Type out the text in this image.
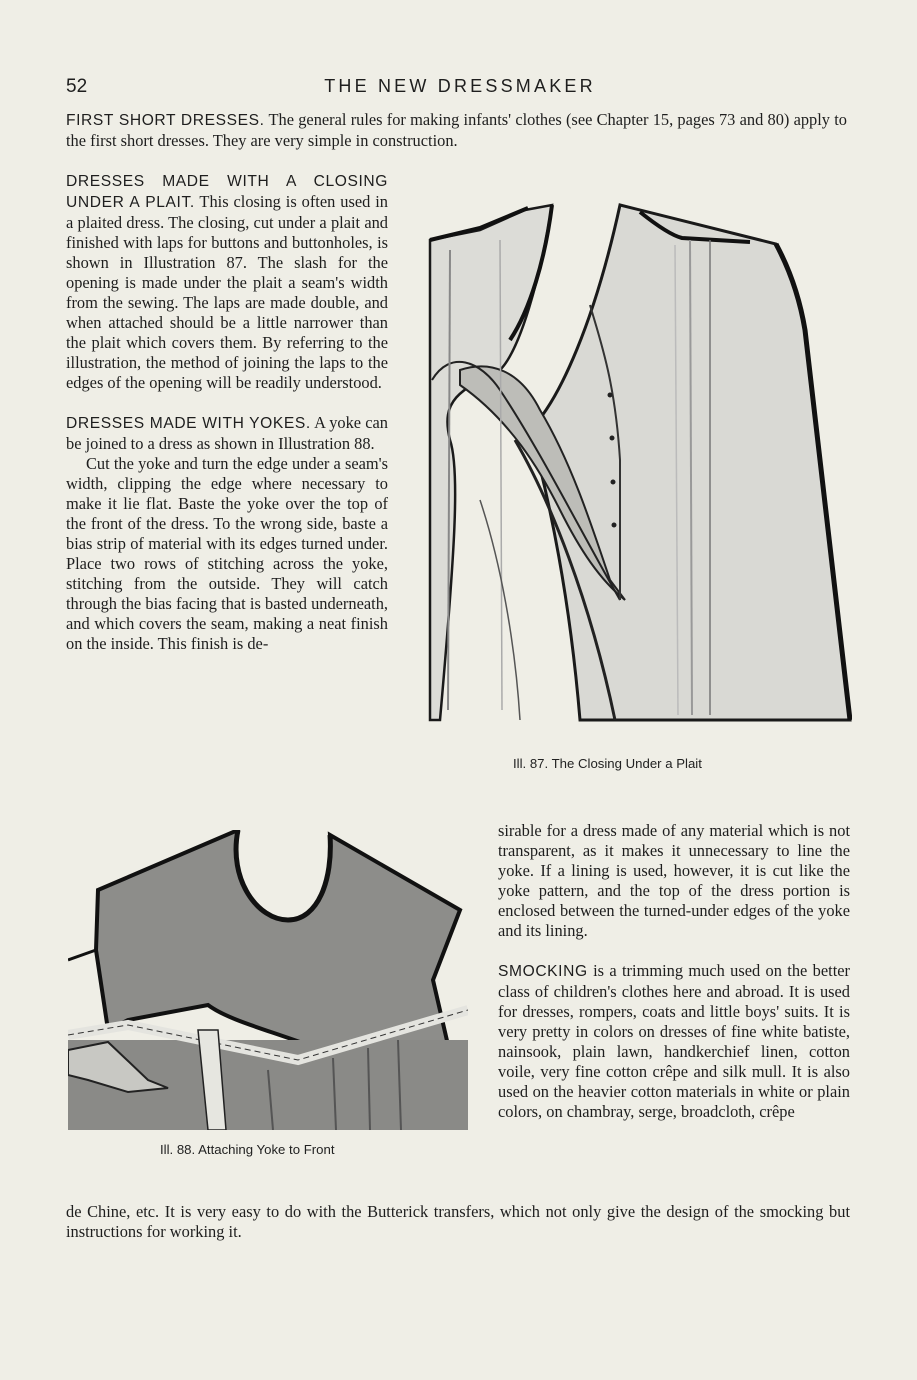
52	THE NEW DRESSMAKER

FIRST SHORT DRESSES. The general rules for making infants' clothes (see Chapter 15, pages 73 and 80) apply to the first short dresses. They are very simple in construction.

DRESSES MADE WITH A CLOSING UNDER A PLAIT. This closing is often used in a plaited dress. The closing, cut under a plait and finished with laps for buttons and buttonholes, is shown in Illustration 87. The slash for the opening is made under the plait a seam's width from the sewing. The laps are made double, and when attached should be a little narrower than the plait which covers them. By referring to the illustration, the method of joining the laps to the edges of the opening will be readily understood.

DRESSES MADE WITH YOKES. A yoke can be joined to a dress as shown in Illustration 88.

Cut the yoke and turn the edge under a seam's width, clipping the edge where necessary to make it lie flat. Baste the yoke over the top of the front of the dress. To the wrong side, baste a bias strip of material with its edges turned under. Place two rows of stitching across the yoke, stitching from the outside. They will catch through the bias facing that is basted underneath, and which covers the seam, making a neat finish on the inside. This finish is de-

sirable for a dress made of any material which is not transparent, as it makes it unnecessary to line the yoke. If a lining is used, however, it is cut like the yoke pattern, and the top of the dress portion is enclosed between the turned-under edges of the yoke and its lining.

SMOCKING is a trimming much used on the better class of children's clothes here and abroad. It is used for dresses, rompers, coats and little boys' suits. It is very pretty in colors on dresses of fine white batiste, nainsook, plain lawn, handkerchief linen, cotton voile, very fine cotton crêpe and silk mull. It is also used on the heavier cotton materials in white or plain colors, on chambray, serge, broadcloth, crêpe

de Chine, etc. It is very easy to do with the Butterick transfers, which not only give the design of the smocking but instructions for working it.

Ill. 87. The Closing Under a Plait
Ill. 88. Attaching Yoke to Front
